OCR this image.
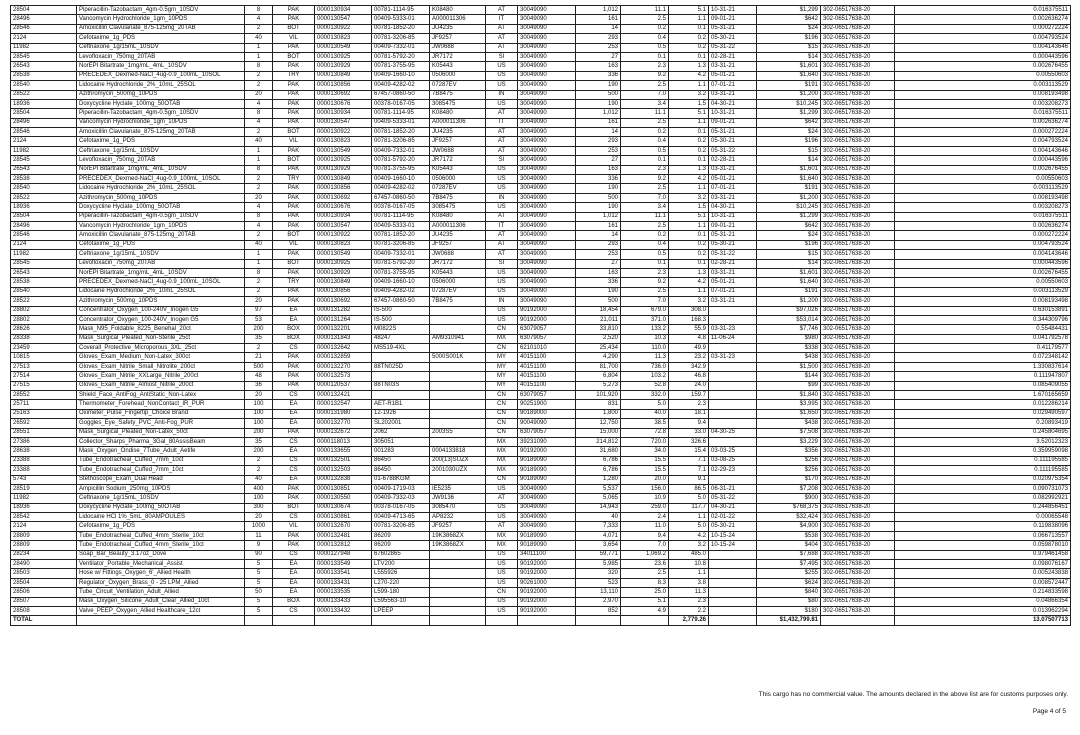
28504	Piperacillin-Tazobactam_4gm-0.5gm_10SDV	8	PAK	0000130934	00781-1114-95	K08480	AT	30049090	1,012	11.1	5.1	10-31-21	$1,299	302-06517638-20	0.016375511
28496	Vancomycin Hydrochloride_1gm_10PDS	4	PAK	0000130547	00409-5333-01	A000011306	IT	30049090	161	2.5	1.1	09-01-21	$642	302-06517638-20	0.002636274
28546	Amoxicillin Clavulanate_875-125mg_20TAB	2	BOT	0000130922	00781-1852-20	JU4235	AT	30049090	14	0.2	0.1	05-31-21	$24	302-06517638-20	0.000272224
2124	Cefotaxime_1g_PDS	40	VIL	0000130823	00781-3206-85	JF9257	AT	30049090	293	0.4	0.2	05-30-21	$196	302-06517638-20	0.004793524
11982	Ceftriaxone_1g/15mL_10SDV	1	PAK	0000130549	00409-7332-01	JW0688	AT	30049090	253	0.5	0.2	05-31-22	$15	302-06517638-20	0.004143646
28545	Levofloxacin_750mg_20TAB	1	BOT	0000130925	00781-5792-20	JR7172	SI	30049090	27	0.1	0.1	02-28-21	$14	302-06517638-20	0.000443596
26543	NorEPI Bitartrate_1mg/mL_4mL_10SDV	8	PAK	0000130929	00781-3755-95	K05443	US	30049090	163	2.3	1.3	03-31-21	$1,601	302-06517638-20	0.002676455
28538	PRECEDEX_Dexmed-NaCl_4ug-0.9_100mL_10SOL	2	TRY	0000130849	00409-1660-10	0506000	US	30049090	336	9.2	4.2	05-01-21	$1,640	302-06517638-20	0.00550603
28540	Lidocaine Hydrochloride_2%_10mL_25SOL	2	PAK	0000130856	00409-4282-02	07287EV	US	30049090	190	2.5	1.1	07-01-21	$191	302-06517638-20	0.003113529
28522	Azithromycin_500mg_10PDS	20	PAK	0000130692	67457-0860-50	7B8475	IN	30049090	500	7.0	3.2	03-31-21	$1,200	302-06517638-20	0.008193498
18936	Doxycycline Hyclate_100mg_50OTAB	4	PAK	0000130676	00378-0167-05	3085475	US	30049090	190	3.4	1.5	04-30-21	$10,245	302-06517638-20	0.003208273
28504	Piperacillin-Tazobactam_4gm-0.5gm_10SDV	8	PAK	0000130934	00781-1114-95	K08480	AT	30049090	1,012	11.1	5.1	10-31-21	$1,299	302-06517638-20	0.016375511
28496	Vancomycin Hydrochloride_1gm_10PDS	4	PAK	0000130547	00409-5333-01	A000011306	IT	30049090	161	2.5	1.1	09-01-21	$642	302-06517638-20	0.002636274
28546	Amoxicillin Clavulanate_875-125mg_20TAB	2	BOT	0000130922	00781-1852-20	JU4235	AT	30049090	14	0.2	0.1	05-31-21	$24	302-06517638-20	0.000272224
2124	Cefotaxime_1g_PDS	40	VIL	0000130823	00781-3206-85	JF9257	AT	30049090	293	0.4	0.2	05-30-21	$196	302-06517638-20	0.004793524
11982	Ceftriaxone_1g/15mL_10SDV	1	PAK	0000130549	00409-7332-01	JW0688	AT	30049090	253	0.5	0.2	05-31-22	$15	302-06517638-20	0.004143646
28545	Levofloxacin_750mg_20TAB	1	BOT	0000130925	00781-5792-20	JR7172	SI	30049090	27	0.1	0.1	02-28-21	$14	302-06517638-20	0.000443596
26543	NorEPI Bitartrate_1mg/mL_4mL_10SDV	8	PAK	0000130929	00781-3755-95	K05443	US	30049090	163	2.3	1.3	03-31-21	$1,601	302-06517638-20	0.002676455
28538	PRECEDEX_Dexmed-NaCl_4ug-0.9_100mL_10SOL	2	TRY	0000130849	00409-1660-10	0506000	US	30049090	336	9.2	4.2	05-01-21	$1,640	302-06517638-20	0.00550603
28540	Lidocaine Hydrochloride_2%_10mL_25SOL	2	PAK	0000130856	00409-4282-02	07287EV	US	30049090	190	2.5	1.1	07-01-21	$191	302-06517638-20	0.003113529
28522	Azithromycin_500mg_10PDS	20	PAK	0000130692	67457-0860-50	7B8475	IN	30049090	500	7.0	3.2	03-31-21	$1,200	302-06517638-20	0.008193498
18936	Doxycycline Hyclate_100mg_50OTAB	4	PAK	0000130676	00378-0167-05	3085475	US	30049090	190	3.4	1.5	04-30-21	$10,245	302-06517638-20	0.003208273
28504	Piperacillin-Tazobactam_4gm-0.5gm_10SDV	8	PAK	0000130934	00781-1114-95	K08480	AT	30049090	1,012	11.1	5.1	10-31-21	$1,299	302-06517638-20	0.016375511
28496	Vancomycin Hydrochloride_1gm_10PDS	4	PAK	0000130547	00409-5333-01	A000011306	IT	30049090	161	2.5	1.1	09-01-21	$642	302-06517638-20	0.002636274
28546	Amoxicillin Clavulanate_875-125mg_20TAB	2	BOT	0000130922	00781-1852-20	JU4235	AT	30049090	14	0.2	0.1	05-31-21	$24	302-06517638-20	0.000272224
2124	Cefotaxime_1g_PDS	40	VIL	0000130823	00781-3206-85	JF9257	AT	30049090	293	0.4	0.2	05-30-21	$196	302-06517638-20	0.004793524
11982	Ceftriaxone_1g/15mL_10SDV	1	PAK	0000130549	00409-7332-01	JW0688	AT	30049090	253	0.5	0.2	05-31-22	$15	302-06517638-20	0.004143646
28545	Levofloxacin_750mg_20TAB	1	BOT	0000130925	00781-5792-20	JR7172	SI	30049090	27	0.1	0.1	02-28-21	$14	302-06517638-20	0.000443596
26543	NorEPI Bitartrate_1mg/mL_4mL_10SDV	8	PAK	0000130929	00781-3755-95	K05443	US	30049090	163	2.3	1.3	03-31-21	$1,601	302-06517638-20	0.002676455
28538	PRECEDEX_Dexmed-NaCl_4ug-0.9_100mL_10SOL	2	TRY	0000130849	00409-1660-10	0506000	US	30049090	336	9.2	4.2	05-01-21	$1,640	302-06517638-20	0.00550603
28540	Lidocaine Hydrochloride_2%_10mL_25SOL	2	PAK	0000130856	00409-4282-02	07287EV	US	30049090	190	2.5	1.1	07-01-21	$191	302-06517638-20	0.003113529
28522	Azithromycin_500mg_10PDS	20	PAK	0000130692	67457-0860-50	7B8475	IN	30049090	500	7.0	3.2	03-31-21	$1,200	302-06517638-20	0.008193498
28802	Concentrator_Oxygen_100-240V_Inogen G5	97	EA	0000131282	IS-500		US	90192000	18,454	679.0	308.0		$97,026	302-06517638-20	0.630153891
28802	Concentrator_Oxygen_100-240V_Inogen G5	53	EA	0000131264	IS-500		US	90192000	21,011	371.0	168.3		$53,014	302-06517638-20	0.344309796
28626	Mask_N95_Foldable_8225_Benehal_20ct	200	BOX	0000132201	M0822S		CN	63079057	33,810	133.2	55.9	03-31-23	$7,746	302-06517638-20	0.55484431
28338	Mask_Surgical_Pleated_Non-Sterile_25ct	35	BOX	0000131843	48247	AM9310941	MX	63079057	2,520	10.3	4.8	11-06-24	$980	302-06517638-20	0.041792578
23459	Coverall_Protective_Microporous_3XL_25ct	2	CS	0000132642	MS519-4XL		CN	62101010	25,434	110.0	49.9		$338	302-06517638-20	0.41179577
10815	Gloves_Exam_Medium_Non-Latex_300ct	21	PAK	0000132859		5000S001K	MY	40151100	4,290	11.3	23.2	03-31-23	$438	302-06517638-20	0.072348142
27513	Gloves_Exam_Nitrile_Small_Nitrolite_200ct	500	PAK	0000132270	88TN025D		MY	40151100	81,700	736.0	342.9		$1,500	302-06517638-20	1.330837614
27514	Gloves_Exam_Nitrile_XXLarge_Nitrile_200ct	48	PAK	0000132573			MY	40151100	6,804	103.2	46.8		$144	302-06517638-20	0.111947807
27515	Gloves_Exam_Nitrile_Almost_Nitrile_200ct	36	PAK	0000120537	88TN03S		MY	40151100	5,273	52.8	24.0		$99	302-06517638-20	0.085409055
28552	Shield_Face_AntiFog_AntiStatic_Non-Latex	20	CS	0000132421			CN	63079057	101,920	332.0	159.7		$1,840	302-06517638-20	1.670165659
25711	Thermometer_Forehead_NonContact_IR_PUR	100	EA	0000132547	AET-R1B1		CN	90251900	831	5.0	2.3		$3,995	302-06517638-20	0.012286214
25163	Oximeter_Pulse_Fingertip_Choice Brand	100	EA	0000131980	12-1926		CN	90189000	1,800	40.0	18.1		$1,650	302-06517638-20	0.029490597
26592	Goggles_Eye_Safety_PVC_Anti-Fog_PUR	100	EA	0000132770	SL202001		CN	90049090	12,750	38.5	9.4		$438	302-06517638-20	0.20893419
28551	Mask_Surgical_Pleated_Non-Latex_50ct	200	PAK	0000132672	2062	2003S5	CN	63079057	15,000	72.8	33.0	04-30-25	$7,508	302-06517638-20	0.245804695
27386	Collector_Sharps_Pharma_3Gal_80AssisBeam	35	CS	0000118013	305051		MX	39231090	214,812	720.0	326.6		$3,229	302-06517638-20	3.52012323
28638	Mask_Oxygen_Ondise_7Tube_Adult_Aetife	200	EA	0000133655	001283	0004133818	MX	90192000	31,680	34.0	15.4	03-03-25	$356	302-06517638-20	0.359959098
23388	Tube_Endotracheal_Cuffed_7mm_10ct	2	CS	0000132501	86450	200(13)SUZX	MX	90189090	6,786	15.5	7.1	03-08-25	$256	302-06517638-20	0.111195585
23388	Tube_Endotracheal_Cuffed_7mm_10ct	2	CS	0000132503	86450	2001030UZX	MX	90189090	6,786	15.5	7.1	02-29-23	$256	302-06517638-20	0.111195585
5743	Stethoscope_Exam_Dual Head	40	EA	0000132838	01-6788KGM		CN	90189090	1,280	20.0	9.1		$170	302-06517638-20	0.020975354
28519	Ampicillin Sodium_250mg_10PDS	400	PAK	0000130851	00409-1719-03	IE5235	US	30049090	5,537	156.0	86.5	06-31-21	$7,208	302-06517638-20	0.090731073
11982	Ceftriaxone_1g/15mL_10SDV	100	PAK	0000130550	00409-7332-03	JW9136	AT	30049090	5,065	10.9	5.0	05-31-22	$900	302-06517638-20	0.082992921
18936	Doxycycline Hyclate_100mg_50OTAB	300	BOT	0000130674	00378-0167-05	3085470	US	30049090	14,943	259.0	117.7	04-30-21	$768,375	302-06517638-20	0.244856451
28542	Lidocaine HCl 1%_5mL_80AMPOULES	20	CS	0000130861	00409-4713-65	AP8232	US	30049090	40	2.4	1.1	02-01-22	$32,424	302-06517638-20	0.00065548
2124	Cefotaxime_1g_PDS	1000	VIL	0000132670	00781-3206-85	JF9257	AT	30049090	7,333	11.0	5.0	05-30-21	$4,900	302-06517638-20	0.119838096
28809	Tube_Endotracheal_Cuffed_4mm_Sterile_10ct	11	PAK	0000132481	86209	19K3868ZX	MX	90189090	4,071	9.4	4.2	10-15-24	$538	302-06517638-20	0.066713557
28809	Tube_Endotracheal_Cuffed_4mm_Sterile_10ct	9	PAK	0000132812	86209	19K3868ZX	MX	90189090	3,654	7.0	3.2	10-15-24	$404	302-06517638-20	0.059878010
28234	Soap_Bar_Beauty_3.17oz_Dove	90	CS	0000127948	67602865		US	34011100	59,771	1,069.2	485.0		$7,688	302-06517638-20	0.979461458
28490	Ventilator_Portable_Mechanical_Assist	5	EA	0000133549	LTV200		US	90192000	5,985	23.6	10.8		$7,495	302-06517638-20	0.098076167
28503	Hose w/ Fittings_Oxygen_6'_Allied Health	5	EA	0000133541	L555926		US	90192000	320	2.5	1.1		$255	302-06517638-20	0.005243838
28504	Regulator_Oxygen_Brass_0 - 25 LPM_Allied	5	EA	0000133431	L270-220		US	90261000	523	8.3	3.8		$624	302-06517638-20	0.008572447
28506	Tube_Circuit_Ventilation_Adult_Allied	50	EA	0000133535	L599-180		CN	90192000	13,110	25.0	11.3		$840	302-06517638-20	0.214833598
28507	Mask_Oxygen_Silicone_Adult_Clear_Allied_10ct	5	BOX	0000133433	L595563-10		US	90192000	2,970	5.1	2.3		$80	302-06517638-20	0.04866354
28508	Valve_PEEP_Oxygen_Allied Healthcare_12ct	5	CS	0000133432	LPEEP		US	90192000	852	4.9	2.2		$180	302-06517638-20	0.013962294
TOTAL											2,779.26		$1,432,799.81		13.07507713
This cargo has no commercial value. The amounts declared in the above list are for customs purposes only.
Page 4 of 5
